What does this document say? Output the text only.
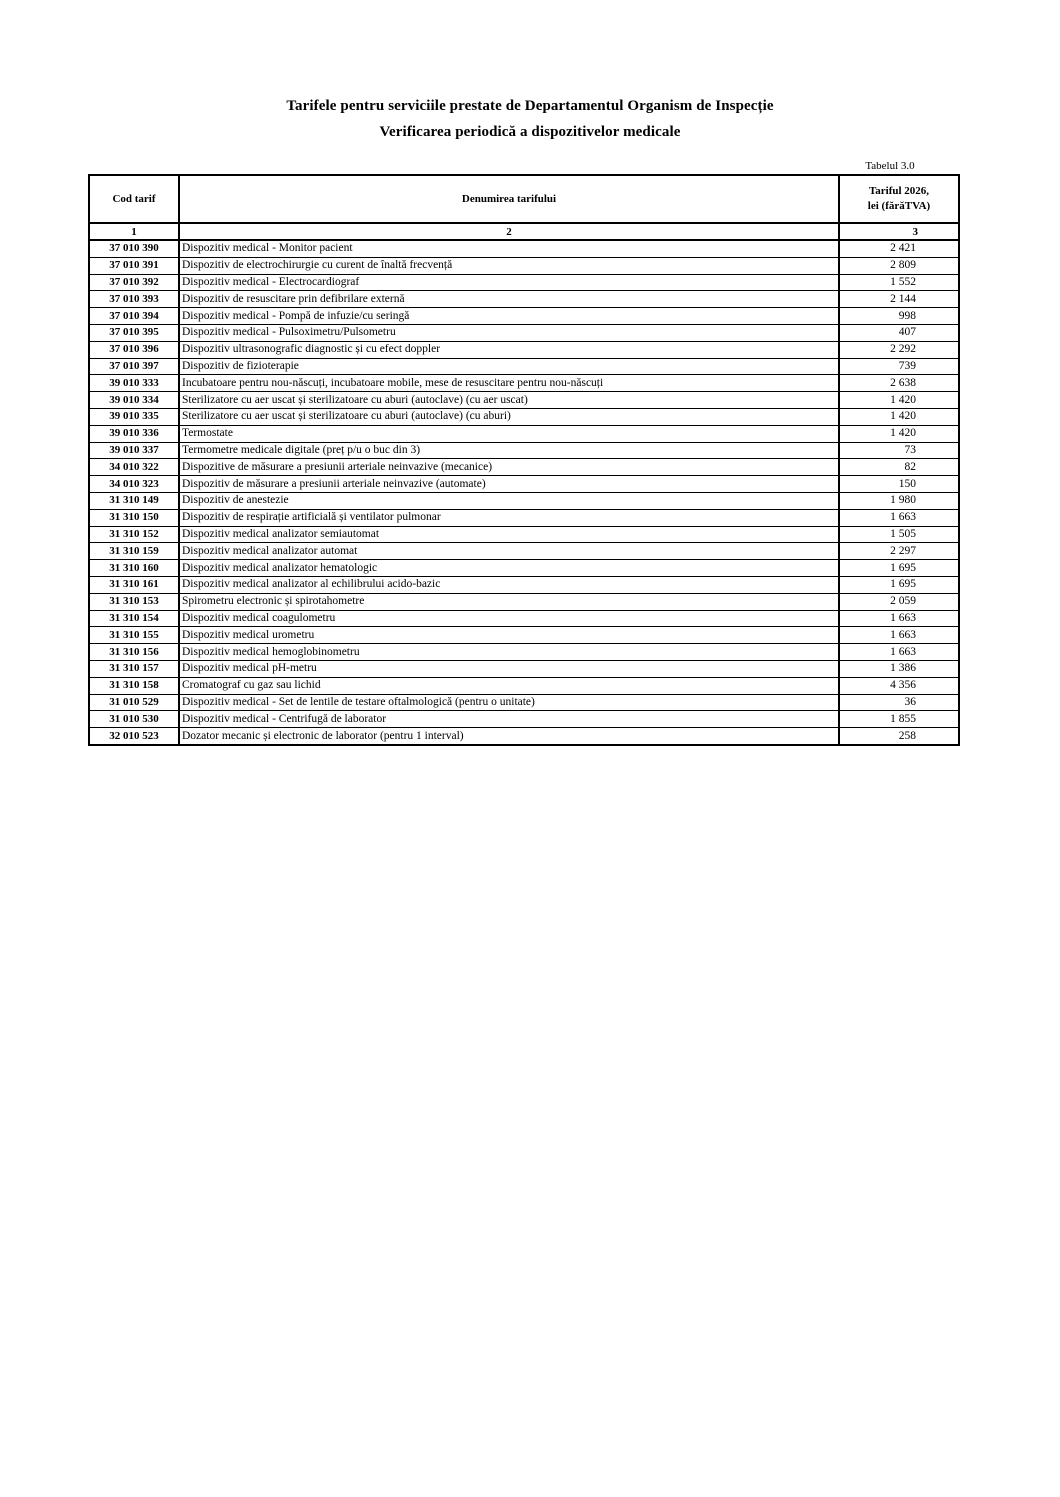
Tarifele pentru serviciile prestate de Departamentul Organism de Inspecție
Verificarea periodică a dispozitivelor medicale
Tabelul 3.0
Cod tarif	Denumirea tarifului	Tariful 2026,
lei (fărăTVA)

1	2	3
37 010 390	Dispozitiv medical - Monitor pacient	2 421
37 010 391	Dispozitiv de electrochirurgie cu curent de înaltă frecvență	2 809
37 010 392	Dispozitiv medical - Electrocardiograf	1 552
37 010 393	Dispozitiv de resuscitare prin defibrilare externă	2 144
37 010 394	Dispozitiv medical - Pompă de infuzie/cu seringă	998
37 010 395	Dispozitiv medical - Pulsoximetru/Pulsometru	407
37 010 396	Dispozitiv ultrasonografic diagnostic și cu efect doppler	2 292
37 010 397	Dispozitiv de fizioterapie	739
39 010 333	Incubatoare pentru nou-născuți, incubatoare mobile, mese de resuscitare pentru nou-născuți	2 638
39 010 334	Sterilizatore cu aer uscat și sterilizatoare cu aburi (autoclave) (cu aer uscat)	1 420
39 010 335	Sterilizatore cu aer uscat și sterilizatoare cu aburi (autoclave) (cu aburi)	1 420
39 010 336	Termostate	1 420
39 010 337	Termometre medicale digitale (preț p/u o buc din 3)	73
34 010 322	Dispozitive de măsurare a presiunii arteriale neinvazive (mecanice)	82
34 010 323	Dispozitiv de măsurare a presiunii arteriale neinvazive (automate)	150
31 310 149	Dispozitiv de anestezie	1 980
31 310 150	Dispozitiv de respirație artificială și ventilator pulmonar	1 663
31 310 152	Dispozitiv medical analizator semiautomat	1 505
31 310 159	Dispozitiv medical analizator automat	2 297
31 310 160	Dispozitiv medical analizator hematologic	1 695
31 310 161	Dispozitiv medical analizator al echilibrului acido-bazic	1 695
31 310 153	Spirometru electronic și spirotahometre	2 059
31 310 154	Dispozitiv medical coagulometru	1 663
31 310 155	Dispozitiv medical urometru	1 663
31 310 156	Dispozitiv medical hemoglobinometru	1 663
31 310 157	Dispozitiv medical pH-metru	1 386
31 310 158	Cromatograf cu gaz sau lichid	4 356
31 010 529	Dispozitiv medical - Set de lentile de testare oftalmologică (pentru o unitate)	36
31 010 530	Dispozitiv medical - Centrifugă de laborator	1 855
32 010 523	Dozator mecanic și electronic de laborator (pentru 1 interval)	258
